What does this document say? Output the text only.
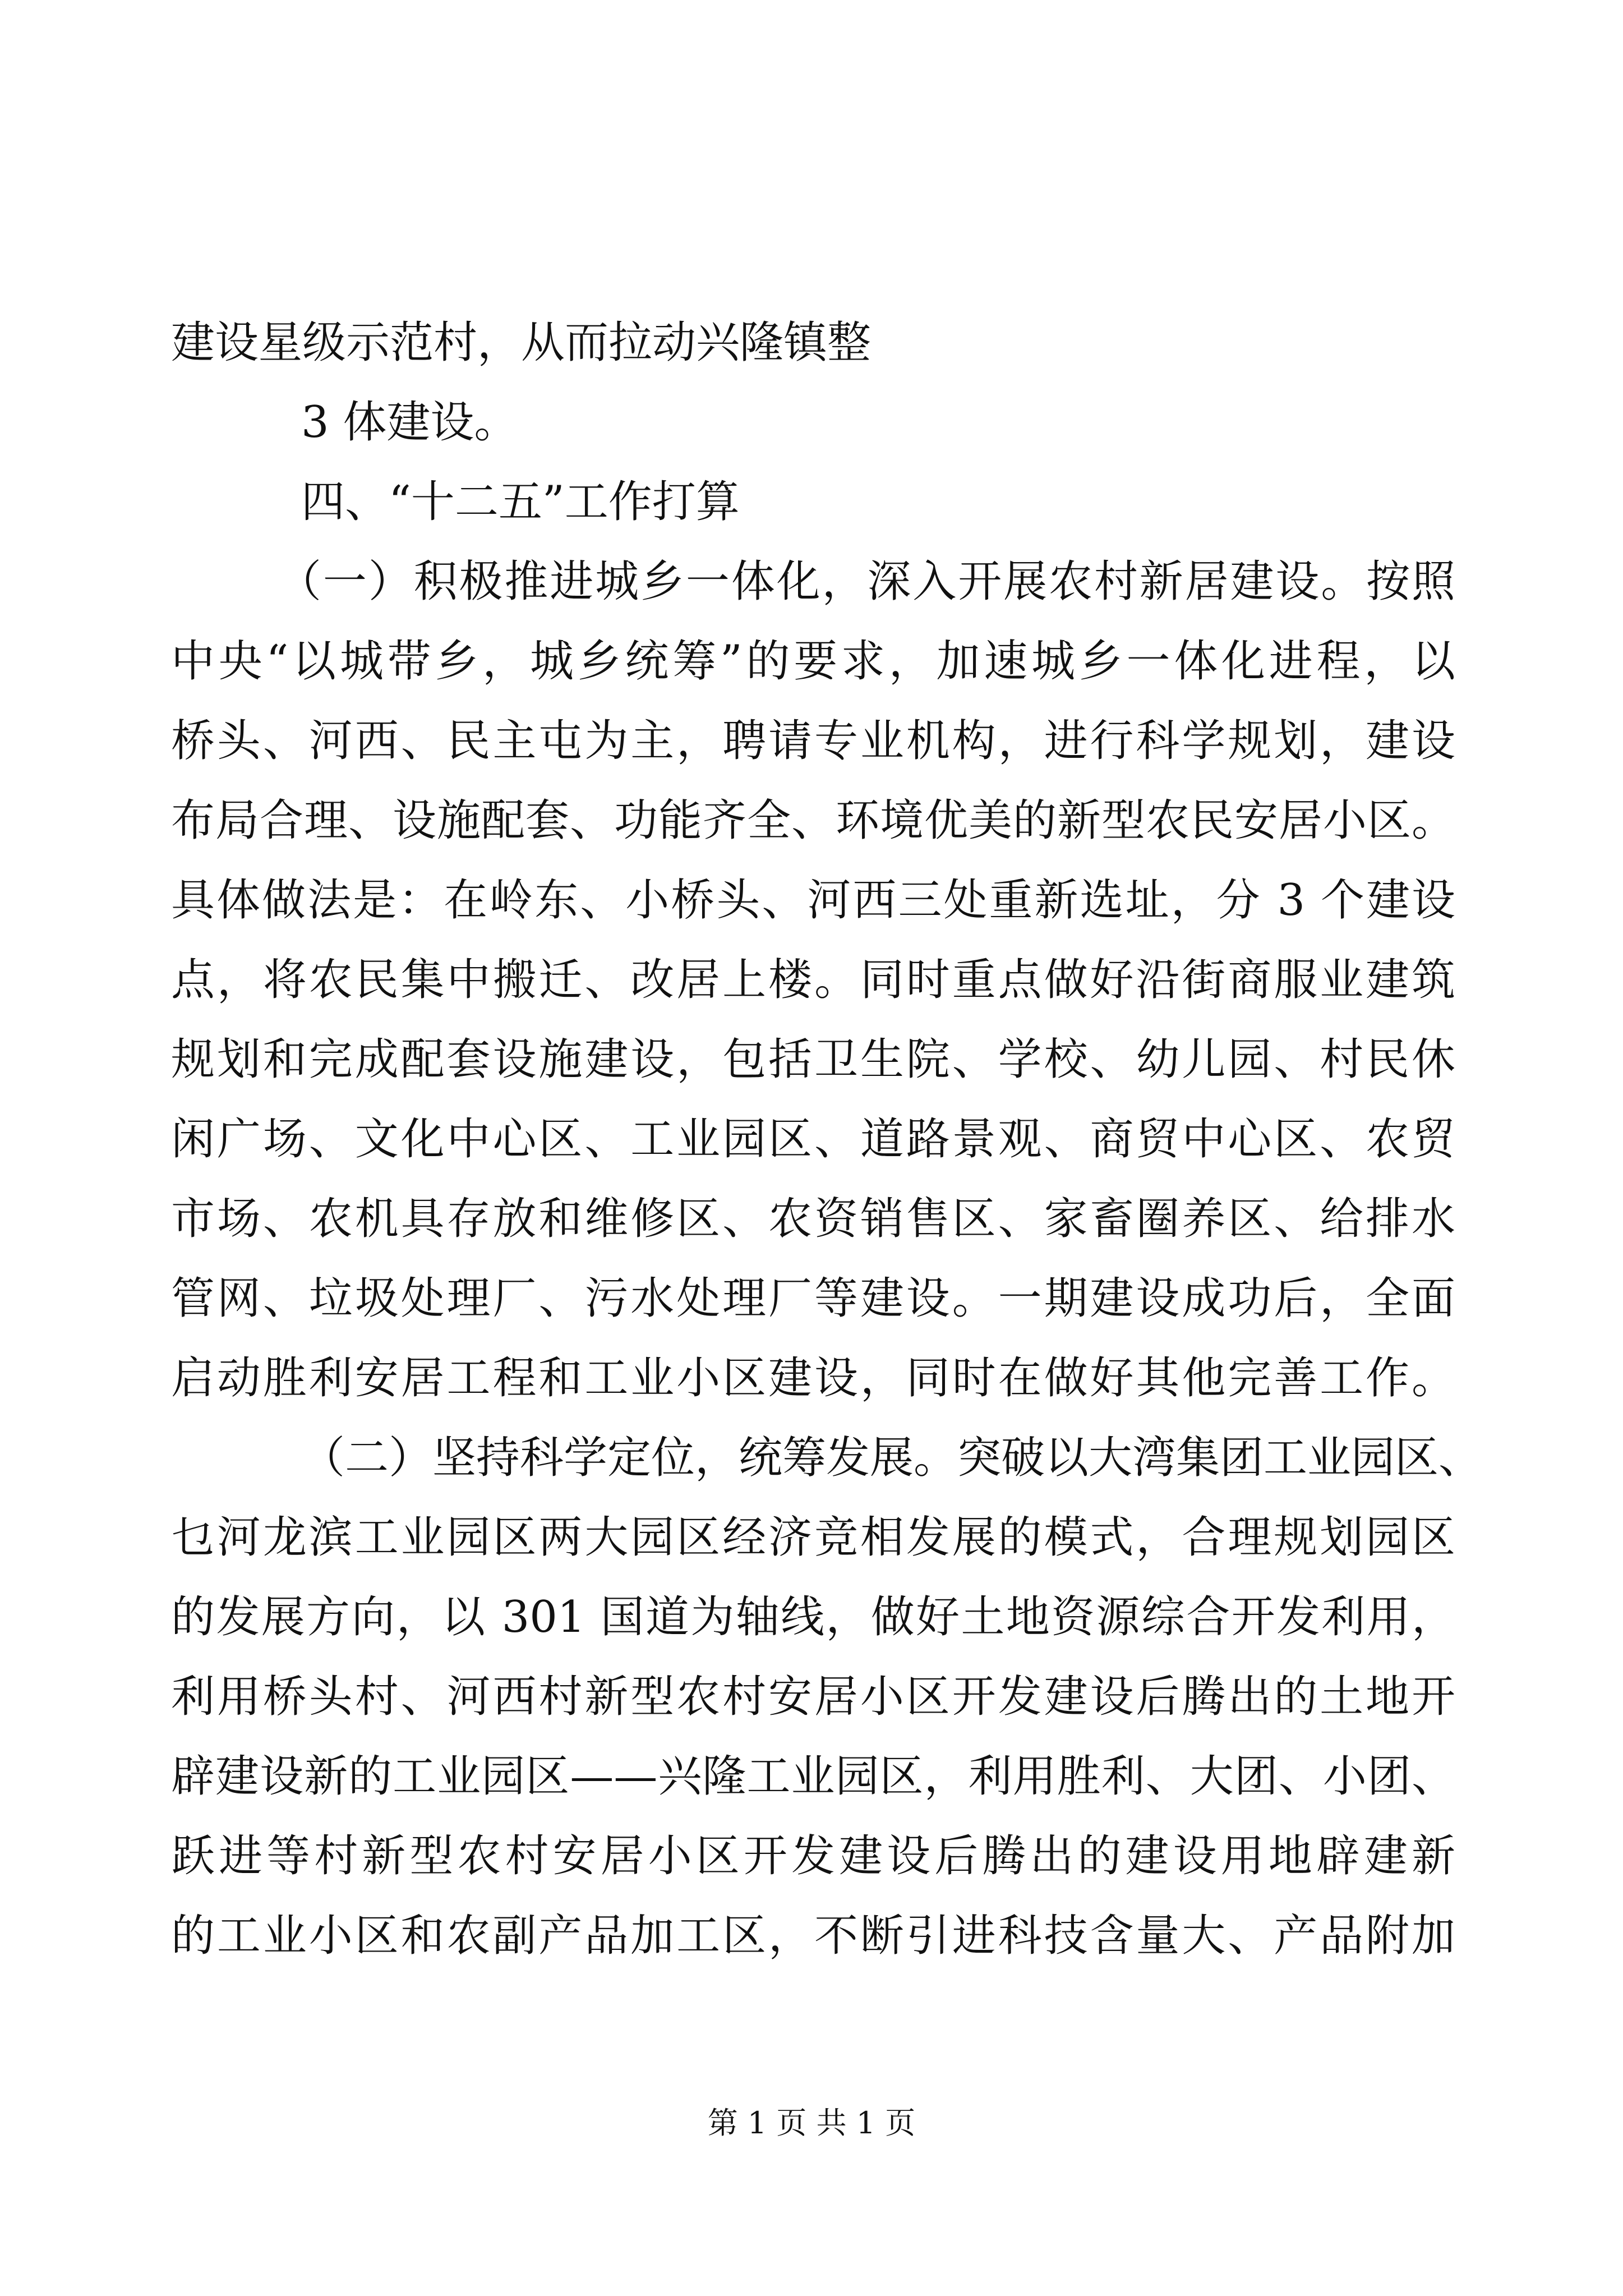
建设星级示范村，从而拉动兴隆镇整
3 体建设。
四、“十二五”工作打算
（一）积极推进城乡一体化，深入开展农村新居建设。按照
中央“以城带乡，城乡统筹”的要求，加速城乡一体化进程，以
桥头、河西、民主屯为主，聘请专业机构，进行科学规划，建设
布局合理、设施配套、功能齐全、环境优美的新型农民安居小区。
具体做法是：在岭东、小桥头、河西三处重新选址，分 3 个建设
点，将农民集中搬迁、改居上楼。同时重点做好沿街商服业建筑
规划和完成配套设施建设，包括卫生院、学校、幼儿园、村民休
闲广场、文化中心区、工业园区、道路景观、商贸中心区、农贸
市场、农机具存放和维修区、农资销售区、家畜圈养区、给排水
管网、垃圾处理厂、污水处理厂等建设。一期建设成功后，全面
启动胜利安居工程和工业小区建设，同时在做好其他完善工作。
（二）坚持科学定位，统筹发展。突破以大湾集团工业园区、
乜河龙滨工业园区两大园区经济竞相发展的模式，合理规划园区
的发展方向，以 301 国道为轴线，做好土地资源综合开发利用，
利用桥头村、河西村新型农村安居小区开发建设后腾出的土地开
辟建设新的工业园区——兴隆工业园区，利用胜利、大团、小团、
跃进等村新型农村安居小区开发建设后腾出的建设用地辟建新
的工业小区和农副产品加工区，不断引进科技含量大、产品附加
第 1 页 共 1 页
